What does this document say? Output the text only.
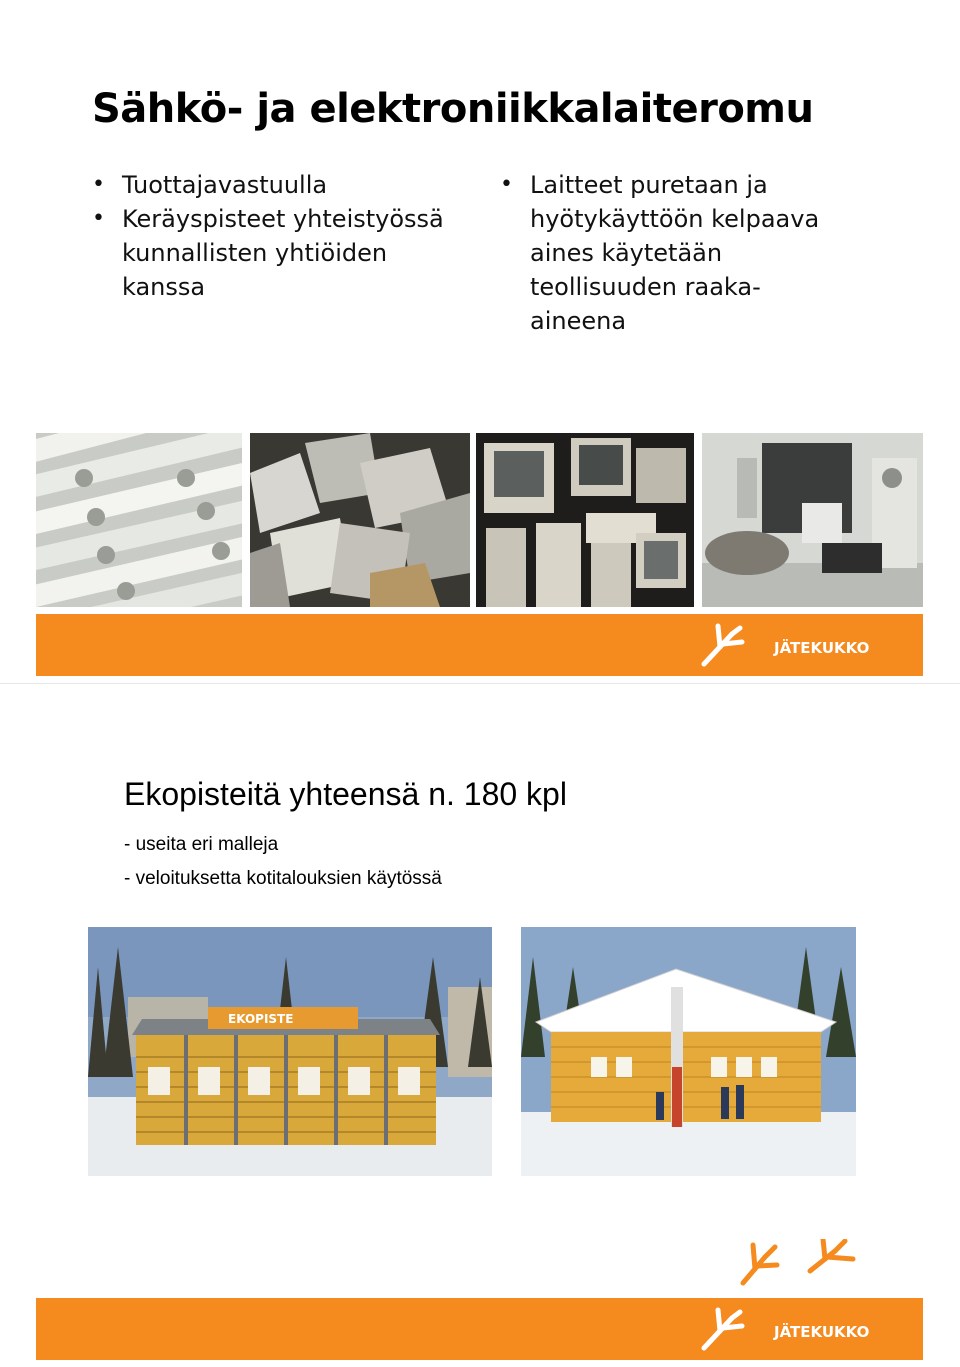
Sähkö- ja elektroniikkalaiteromu
• Tuottajavastuulla
• Keräyspisteet yhteistyössä kunnallisten yhtiöiden kanssa
• Laitteet puretaan ja hyötykäyttöön kelpaava aines käytetään teollisuuden raaka-aineena
JÄTEKUKKO
Ekopisteitä yhteensä n. 180 kpl
- useita eri malleja
- veloituksetta kotitalouksien käytössä
EKOPISTE
JÄTEKUKKO
